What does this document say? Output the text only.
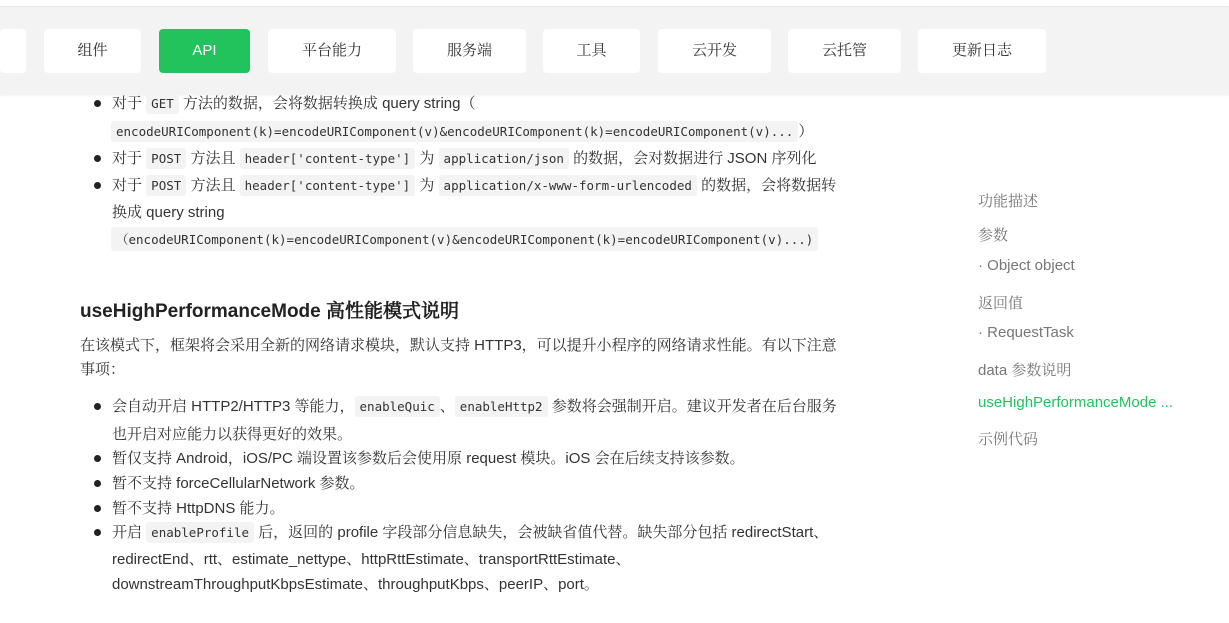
组件	API	平台能力	服务端	工具	云开发	云托管	更新日志
对于 GET 方法的数据，会将数据转换成 query string（
encodeURIComponent(k)=encodeURIComponent(v)&encodeURIComponent(k)=encodeURIComponent(v)... ）
对于 POST 方法且 header['content-type'] 为 application/json 的数据，会对数据进行 JSON 序列化
对于 POST 方法且 header['content-type'] 为 application/x-www-form-urlencoded 的数据，会将数据转
换成 query string
（encodeURIComponent(k)=encodeURIComponent(v)&encodeURIComponent(k)=encodeURIComponent(v)...)
useHighPerformanceMode 高性能模式说明
在该模式下，框架将会采用全新的网络请求模块，默认支持 HTTP3，可以提升小程序的网络请求性能。有以下注意
事项：
会自动开启 HTTP2/HTTP3 等能力， enableQuic 、 enableHttp2 参数将会强制开启。建议开发者在后台服务
也开启对应能力以获得更好的效果。
暂仅支持 Android，iOS/PC 端设置该参数后会使用原 request 模块。iOS 会在后续支持该参数。
暂不支持 forceCellularNetwork 参数。
暂不支持 HttpDNS 能力。
开启 enableProfile 后，返回的 profile 字段部分信息缺失，会被缺省值代替。缺失部分包括 redirectStart、
redirectEnd、rtt、estimate_nettype、httpRttEstimate、transportRttEstimate、
downstreamThroughputKbpsEstimate、throughputKbps、peerIP、port。
功能描述
参数
· Object object
返回值
· RequestTask
data 参数说明
useHighPerformanceMode ...
示例代码
